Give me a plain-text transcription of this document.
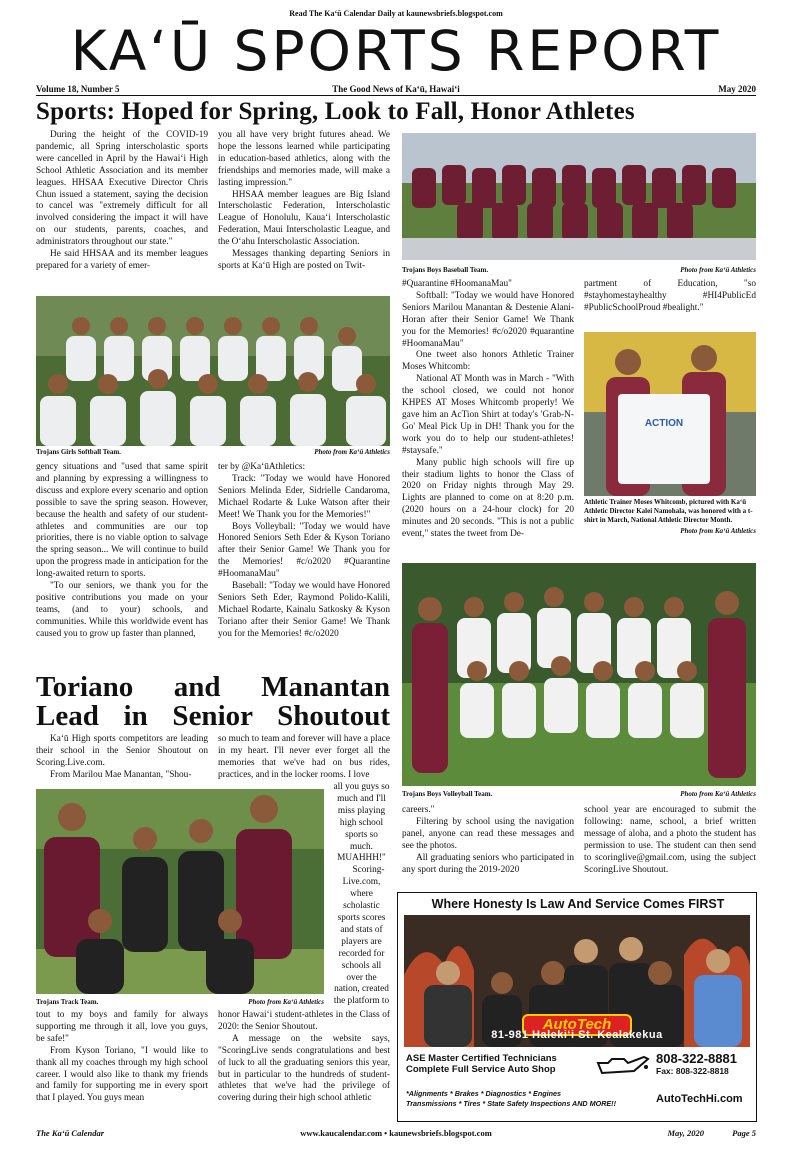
Read The Ka‘ū Calendar Daily at kaunewsbriefs.blogspot.com
KA‘Ū SPORTS REPORT
Volume 18, Number 5	The Good News of Ka‘ū, Hawai‘i	May 2020
Sports: Hoped for Spring, Look to Fall, Honor Athletes

During the height of the COVID-19 pandemic, all Spring interscholastic sports were cancelled in April by the Hawai‘i High School Athletic Association and its member leagues. HHSAA Executive Director Chris Chun issued a statement, saying the decision to cancel was "extremely difficult for all involved considering the impact it will have on our students, parents, coaches, and administrators throughout our state."

He said HHSAA and its member leagues prepared for a variety of emer-

you all have very bright futures ahead. We hope the lessons learned while participating in education-based athletics, along with the friendships and memories made, will make a lasting impression."

HHSAA member leagues are Big Island Interscholastic Federation, Interscholastic League of Honolulu, Kaua‘i Interscholastic Federation, Maui Interscholastic League, and the O‘ahu Interscholastic Association.

Messages thanking departing Seniors in sports at Ka‘ū High are posted on Twit-

Trojans Girls Softball Team.	Photo from Ka‘ū Athletics

gency situations and "used that same spirit and planning by expressing a willingness to discuss and explore every scenario and option possible to save the spring season. However, because the health and safety of our student-athletes and communities are our top priorities, there is no viable option to salvage the spring season... We will continue to build upon the progress made in anticipation for the long-awaited return to sports.

"To our seniors, we thank you for the positive contributions you made on your teams, (and to your) schools, and communities. While this worldwide event has caused you to grow up faster than planned,

ter by @Ka‘ūAthletics:

Track: "Today we would have Honored Seniors Melinda Eder, Sidrielle Candaroma, Michael Rodarte & Luke Watson after their Meet! We Thank you for the Memories!"

Boys Volleyball: "Today we would have Honored Seniors Seth Eder & Kyson Toriano after their Senior Game! We Thank you for the Memories! #c/o2020 #Quarantine #HoomanaMau"

Baseball: "Today we would have Honored Seniors Seth Eder, Raymond Polido-Kalili, Michael Rodarte, Kainalu Satkosky & Kyson Toriano after their Senior Game! We Thank you for the Memories! #c/o2020

Trojans Boys Baseball Team.	Photo from Ka‘ū Athletics

#Quarantine #HoomanaMau"

Softball: "Today we would have Honored Seniors Marilou Manantan & Destenie Alani-Horan after their Senior Game! We Thank you for the Memories! #c/o2020 #quarantine #HoomanaMau"

One tweet also honors Athletic Trainer Moses Whitcomb:

National AT Month was in March - "With the school closed, we could not honor KHPES AT Moses Whitcomb properly! We gave him an AcTion Shirt at today's 'Grab-N-Go' Meal Pick Up in DH! Thank you for the work you do to help our student-athletes! #staysafe."

Many public high schools will fire up their stadium lights to honor the Class of 2020 on Friday nights through May 29. Lights are planned to come on at 8:20 p.m. (2020 hours on a 24-hour clock) for 20 minutes and 20 seconds. "This is not a public event," states the tweet from De-

partment of Education, "so #stayhomestayhealthy #HI4PublicEd #PublicSchoolProud #bealight."

ACTION
Athletic Trainer Moses Whitcomb, pictured with Ka‘ū Athletic Director Kalei Namohala, was honored with a t-shirt in March, National Athletic Director Month.
Photo from Ka‘ū Athletics
Trojans Boys Volleyball Team.	Photo from Ka‘ū Athletics
Toriano and Manantan
Lead in Senior Shoutout

Ka‘ū High sports competitors are leading their school in the Senior Shoutout on Scoring.Live.com.

From Marilou Mae Manantan, "Shou-

so much to team and forever will have a place in my heart. I'll never ever forget all the memories that we've had on bus rides, practices, and in the locker rooms. I love

all you guys so much and I'll miss playing high school sports so much. MUAHHH!"

Scoring-Live.com, where scholastic sports scores and stats of players are recorded for schools all over the nation, created the platform to

Trojans Track Team.	Photo from Ka‘ū Athletics

tout to my boys and family for always supporting me through it all, love you guys, be safe!"

From Kyson Toriano, "I would like to thank all my coaches through my high school career. I would also like to thank my friends and family for supporting me in every sport that I played. You guys mean

honor Hawai‘i student-athletes in the Class of 2020: the Senior Shoutout.

A message on the website says, "ScoringLive sends congratulations and best of luck to all the graduating seniors this year, but in particular to the hundreds of student-athletes that we've had the privilege of covering during their high school athletic

careers."

Filtering by school using the navigation panel, anyone can read these messages and see the photos.

All graduating seniors who participated in any sport during the 2019-2020

school year are encouraged to submit the following: name, school, a brief written message of aloha, and a photo the student has permission to use. The student can then send to scoringlive@gmail.com, using the subject ScoringLive Shoutout.

Where Honesty Is Law And Service Comes FIRST
AutoTech
81-981 Haleki‘i St. Kealakekua
ASE Master Certified Technicians
Complete Full Service Auto Shop
808-322-8881
Fax: 808-322-8818
*Alignments * Brakes * Diagnostics * Engines
Transmissions * Tires * State Safety Inspections AND MORE!!	AutoTechHi.com
The Ka‘ū Calendar	www.kaucalendar.com • kaunewsbriefs.blogspot.com	May, 2020	Page 5
